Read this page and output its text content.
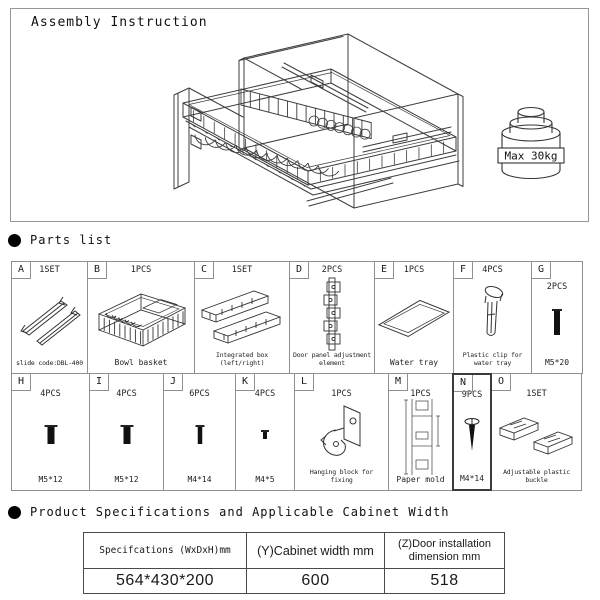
Max 30kg
Assembly Instruction
Parts list
A	1SET
slide code:DBL-400
B	1PCS
Bowl basket
C	1SET
Integrated box (left/right)
D	2PCS
Door panel adjustment element
E	1PCS
Water tray
F	4PCS
Plastic clip for water tray
G
2PCS
M5*20
H
4PCS
M5*12
I
4PCS
M5*12
J
6PCS
M4*14
K
4PCS
M4*5
L
1PCS
Hanging block for fixing
M
1PCS
Paper mold
N
9PCS
M4*14
O
1SET
Adjustable plastic buckle
Product Specifications and Applicable Cabinet Width
Specifcations (WxDxH)mm	(Y)Cabinet width mm	(Z)Door installation dimension mm
564*430*200	600	518
